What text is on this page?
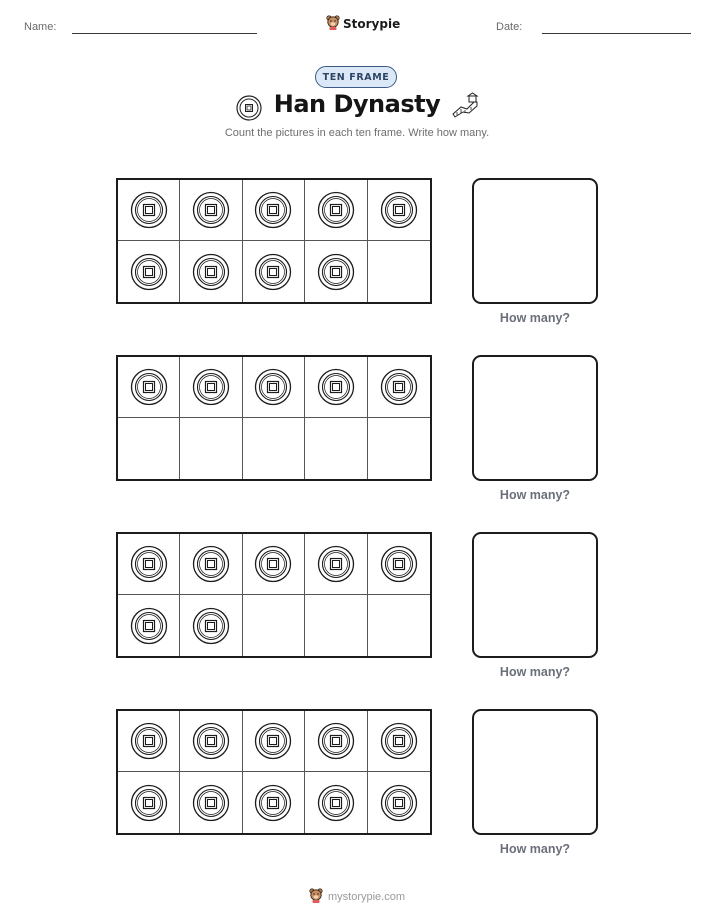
Name:	Storypie	Date:
TEN FRAME
Han Dynasty
Count the pictures in each ten frame. Write how many.
How many?
How many?
How many?
How many?
mystorypie.com
